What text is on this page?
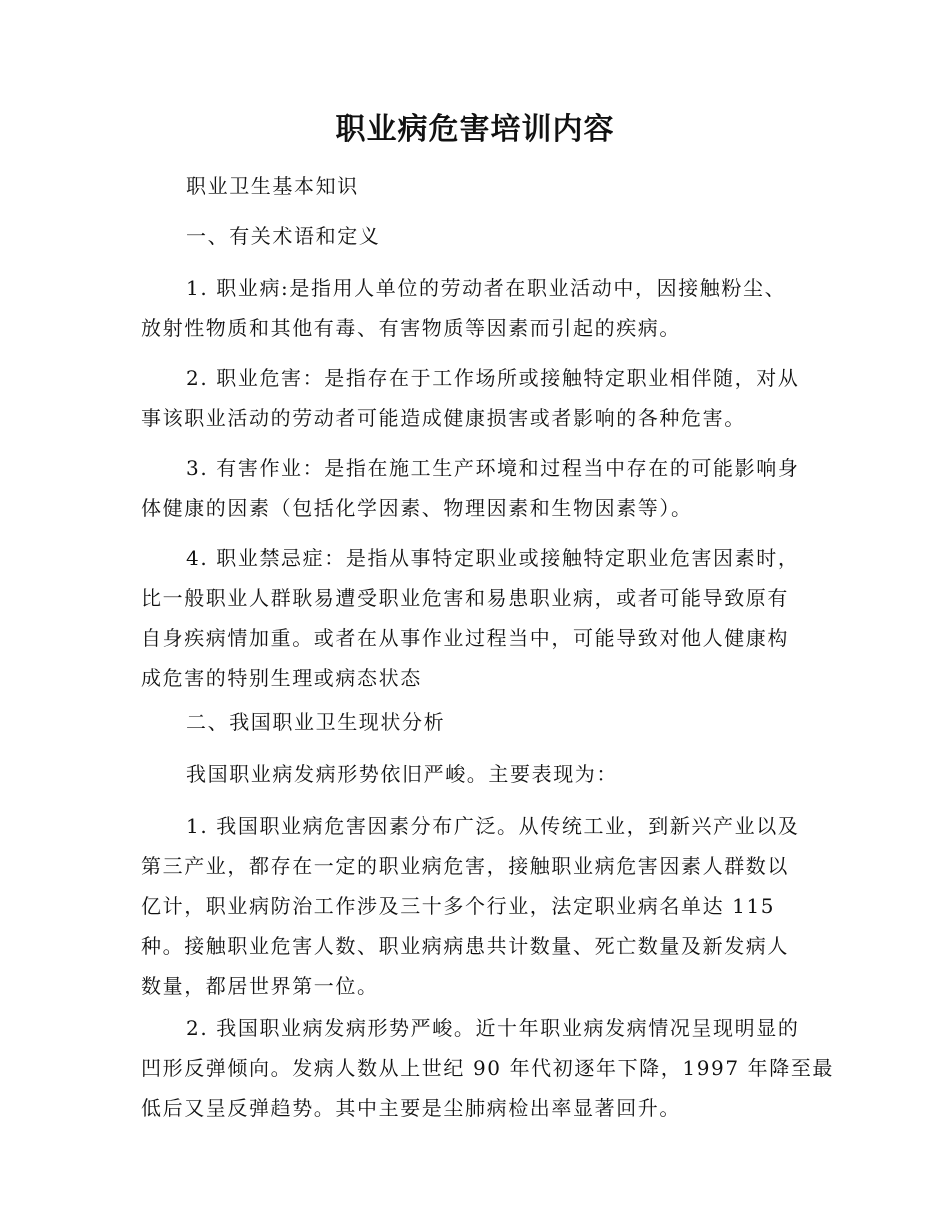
职业病危害培训内容
职业卫生基本知识
一、有关术语和定义
1. 职业病:是指用人单位的劳动者在职业活动中，因接触粉尘、
放射性物质和其他有毒、有害物质等因素而引起的疾病。
2. 职业危害：是指存在于工作场所或接触特定职业相伴随，对从
事该职业活动的劳动者可能造成健康损害或者影响的各种危害。
3. 有害作业：是指在施工生产环境和过程当中存在的可能影响身
体健康的因素（包括化学因素、物理因素和生物因素等）。
4. 职业禁忌症：是指从事特定职业或接触特定职业危害因素时，
比一般职业人群耿易遭受职业危害和易患职业病，或者可能导致原有
自身疾病情加重。或者在从事作业过程当中，可能导致对他人健康构
成危害的特别生理或病态状态
二、我国职业卫生现状分析
我国职业病发病形势依旧严峻。主要表现为：
1. 我国职业病危害因素分布广泛。从传统工业，到新兴产业以及
第三产业，都存在一定的职业病危害，接触职业病危害因素人群数以
亿计，职业病防治工作涉及三十多个行业，法定职业病名单达 115
种。接触职业危害人数、职业病病患共计数量、死亡数量及新发病人
数量，都居世界第一位。
2. 我国职业病发病形势严峻。近十年职业病发病情况呈现明显的
凹形反弹倾向。发病人数从上世纪 90 年代初逐年下降，1997 年降至最
低后又呈反弹趋势。其中主要是尘肺病检出率显著回升。
